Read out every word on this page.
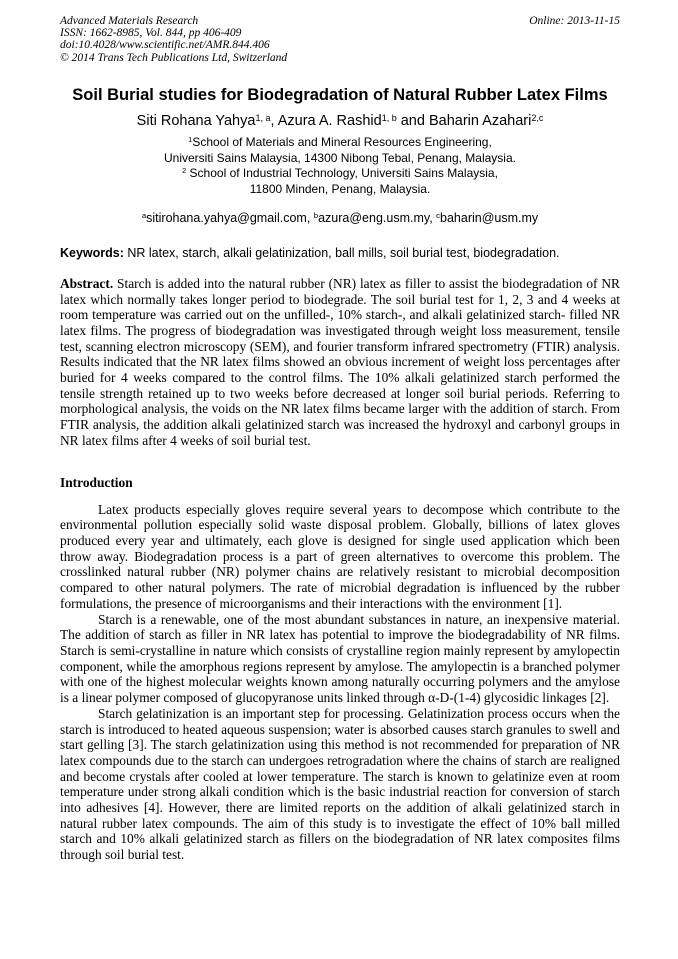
Advanced Materials Research
ISSN: 1662-8985, Vol. 844, pp 406-409
doi:10.4028/www.scientific.net/AMR.844.406
© 2014 Trans Tech Publications Ltd, Switzerland
Online: 2013-11-15
Soil Burial studies for Biodegradation of Natural Rubber Latex Films
Siti Rohana Yahya$^{1, a}$, Azura A. Rashid$^{1, b}$ and Baharin Azahari$^{2,c}$
$^1$School of Materials and Mineral Resources Engineering,
Universiti Sains Malaysia, 14300 Nibong Tebal, Penang, Malaysia.
$^2$ School of Industrial Technology, Universiti Sains Malaysia,
11800 Minden, Penang, Malaysia.
$^a$sitirohana.yahya@gmail.com, $^b$azura@eng.usm.my, $^c$baharin@usm.my

Keywords: NR latex, starch, alkali gelatinization, ball mills, soil burial test, biodegradation.

Abstract. Starch is added into the natural rubber (NR) latex as filler to assist the biodegradation of NR latex which normally takes longer period to biodegrade. The soil burial test for 1, 2, 3 and 4 weeks at room temperature was carried out on the unfilled-, 10% starch-, and alkali gelatinized starch- filled NR latex films. The progress of biodegradation was investigated through weight loss measurement, tensile test, scanning electron microscopy (SEM), and fourier transform infrared spectrometry (FTIR) analysis. Results indicated that the NR latex films showed an obvious increment of weight loss percentages after buried for 4 weeks compared to the control films. The 10% alkali gelatinized starch performed the tensile strength retained up to two weeks before decreased at longer soil burial periods. Referring to morphological analysis, the voids on the NR latex films became larger with the addition of starch. From FTIR analysis, the addition alkali gelatinized starch was increased the hydroxyl and carbonyl groups in NR latex films after 4 weeks of soil burial test.

Introduction

Latex products especially gloves require several years to decompose which contribute to the environmental pollution especially solid waste disposal problem. Globally, billions of latex gloves produced every year and ultimately, each glove is designed for single used application which been throw away. Biodegradation process is a part of green alternatives to overcome this problem. The crosslinked natural rubber (NR) polymer chains are relatively resistant to microbial decomposition compared to other natural polymers. The rate of microbial degradation is influenced by the rubber formulations, the presence of microorganisms and their interactions with the environment [1].

Starch is a renewable, one of the most abundant substances in nature, an inexpensive material. The addition of starch as filler in NR latex has potential to improve the biodegradability of NR films. Starch is semi-crystalline in nature which consists of crystalline region mainly represent by amylopectin component, while the amorphous regions represent by amylose. The amylopectin is a branched polymer with one of the highest molecular weights known among naturally occurring polymers and the amylose is a linear polymer composed of glucopyranose units linked through α-D-(1-4) glycosidic linkages [2].

Starch gelatinization is an important step for processing. Gelatinization process occurs when the starch is introduced to heated aqueous suspension; water is absorbed causes starch granules to swell and start gelling [3]. The starch gelatinization using this method is not recommended for preparation of NR latex compounds due to the starch can undergoes retrogradation where the chains of starch are realigned and become crystals after cooled at lower temperature. The starch is known to gelatinize even at room temperature under strong alkali condition which is the basic industrial reaction for conversion of starch into adhesives [4]. However, there are limited reports on the addition of alkali gelatinized starch in natural rubber latex compounds. The aim of this study is to investigate the effect of 10% ball milled starch and 10% alkali gelatinized starch as fillers on the biodegradation of NR latex composites films through soil burial test.
